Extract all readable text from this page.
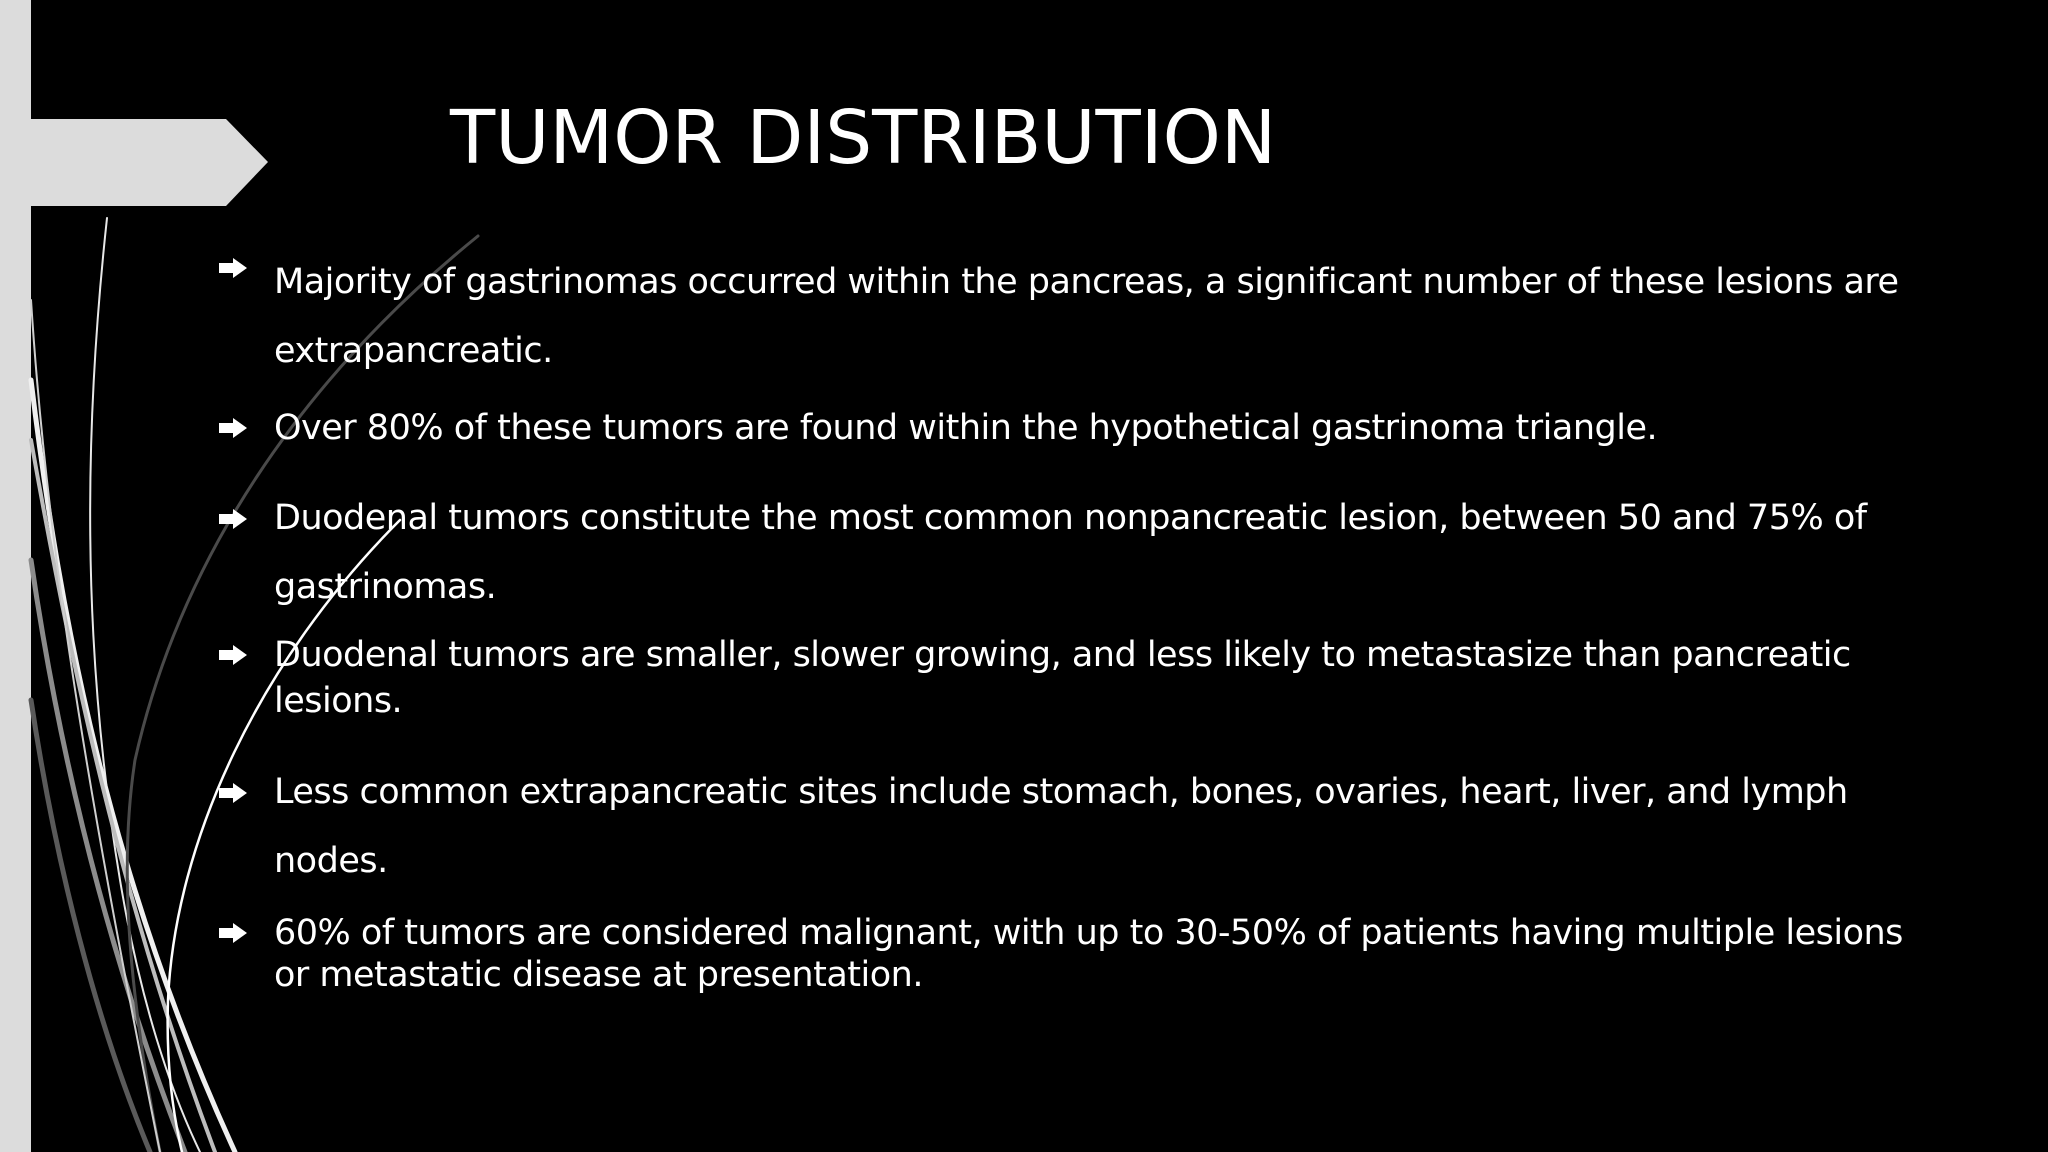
TUMOR DISTRIBUTION
Majority of gastrinomas occurred within the pancreas, a significant number of these lesions are
extrapancreatic.
Over 80% of these tumors are found within the hypothetical gastrinoma triangle.
Duodenal tumors constitute the most common nonpancreatic lesion, between 50 and 75% of
gastrinomas.
Duodenal tumors are smaller, slower growing, and less likely to metastasize than pancreatic
lesions.
Less common extrapancreatic sites include stomach, bones, ovaries, heart, liver, and lymph
nodes.
60% of tumors are considered malignant, with up to 30-50% of patients having multiple lesions
or metastatic disease at presentation.
